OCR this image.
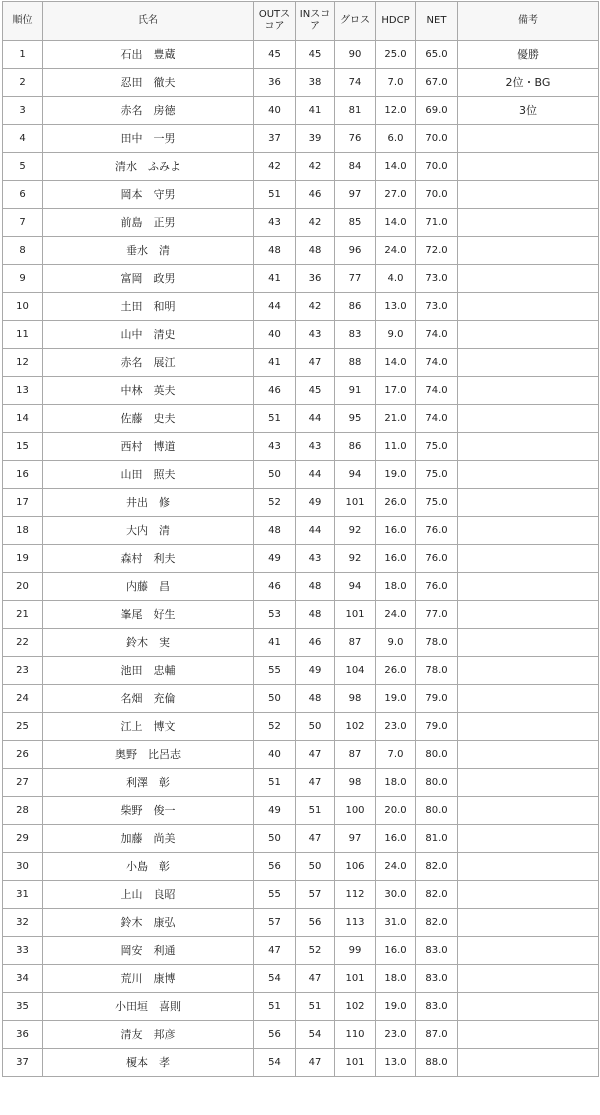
順位	氏名	OUTスコア	INスコア	グロス	HDCP	NET	備考
1	石出　豊蔵	45	45	90	25.0	65.0	優勝
2	忍田　徹夫	36	38	74	7.0	67.0	2位・BG
3	赤名　房徳	40	41	81	12.0	69.0	3位
4	田中　一男	37	39	76	6.0	70.0	
5	清水　ふみよ	42	42	84	14.0	70.0	
6	岡本　守男	51	46	97	27.0	70.0	
7	前島　正男	43	42	85	14.0	71.0	
8	垂水　清	48	48	96	24.0	72.0	
9	富岡　政男	41	36	77	4.0	73.0	
10	土田　和明	44	42	86	13.0	73.0	
11	山中　清史	40	43	83	9.0	74.0	
12	赤名　展江	41	47	88	14.0	74.0	
13	中林　英夫	46	45	91	17.0	74.0	
14	佐藤　史夫	51	44	95	21.0	74.0	
15	西村　博道	43	43	86	11.0	75.0	
16	山田　照夫	50	44	94	19.0	75.0	
17	井出　修	52	49	101	26.0	75.0	
18	大内　清	48	44	92	16.0	76.0	
19	森村　利夫	49	43	92	16.0	76.0	
20	内藤　昌	46	48	94	18.0	76.0	
21	峯尾　好生	53	48	101	24.0	77.0	
22	鈴木　実	41	46	87	9.0	78.0	
23	池田　忠輔	55	49	104	26.0	78.0	
24	名畑　充倫	50	48	98	19.0	79.0	
25	江上　博文	52	50	102	23.0	79.0	
26	奥野　比呂志	40	47	87	7.0	80.0	
27	利澤　彰	51	47	98	18.0	80.0	
28	柴野　俊一	49	51	100	20.0	80.0	
29	加藤　尚美	50	47	97	16.0	81.0	
30	小島　彰	56	50	106	24.0	82.0	
31	上山　良昭	55	57	112	30.0	82.0	
32	鈴木　康弘	57	56	113	31.0	82.0	
33	岡安　利通	47	52	99	16.0	83.0	
34	荒川　康博	54	47	101	18.0	83.0	
35	小田垣　喜則	51	51	102	19.0	83.0	
36	清友　邦彦	56	54	110	23.0	87.0	
37	榎本　孝	54	47	101	13.0	88.0	
